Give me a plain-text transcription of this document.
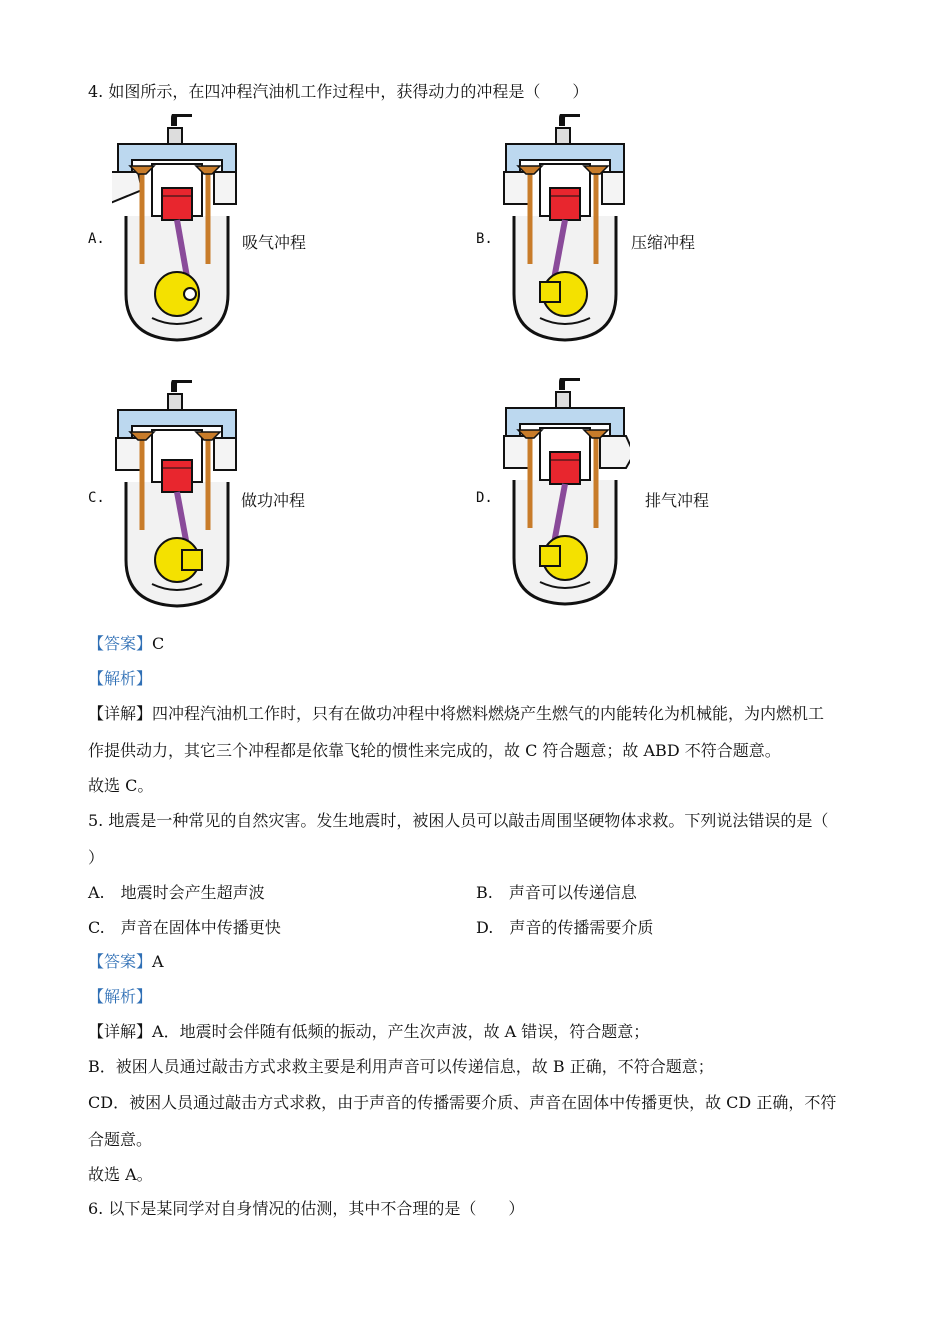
4. 如图所示，在四冲程汽油机工作过程中，获得动力的冲程是（　　）
A.	吸气冲程	B.	压缩冲程
C.	做功冲程	D.	排气冲程
【答案】C
【解析】
【详解】四冲程汽油机工作时，只有在做功冲程中将燃料燃烧产生燃气的内能转化为机械能，为内燃机工
作提供动力，其它三个冲程都是依靠飞轮的惯性来完成的，故 C 符合题意；故 ABD 不符合题意。
故选 C。
5. 地震是一种常见的自然灾害。发生地震时，被困人员可以敲击周围坚硬物体求救。下列说法错误的是（
）
A.　地震时会产生超声波	B.　声音可以传递信息
C.　声音在固体中传播更快	D.　声音的传播需要介质
【答案】A
【解析】
【详解】A．地震时会伴随有低频的振动，产生次声波，故 A 错误，符合题意；
B．被困人员通过敲击方式求救主要是利用声音可以传递信息，故 B 正确，不符合题意；
CD．被困人员通过敲击方式求救，由于声音的传播需要介质、声音在固体中传播更快，故 CD 正确，不符
合题意。
故选 A。
6. 以下是某同学对自身情况的估测，其中不合理的是（　　）
